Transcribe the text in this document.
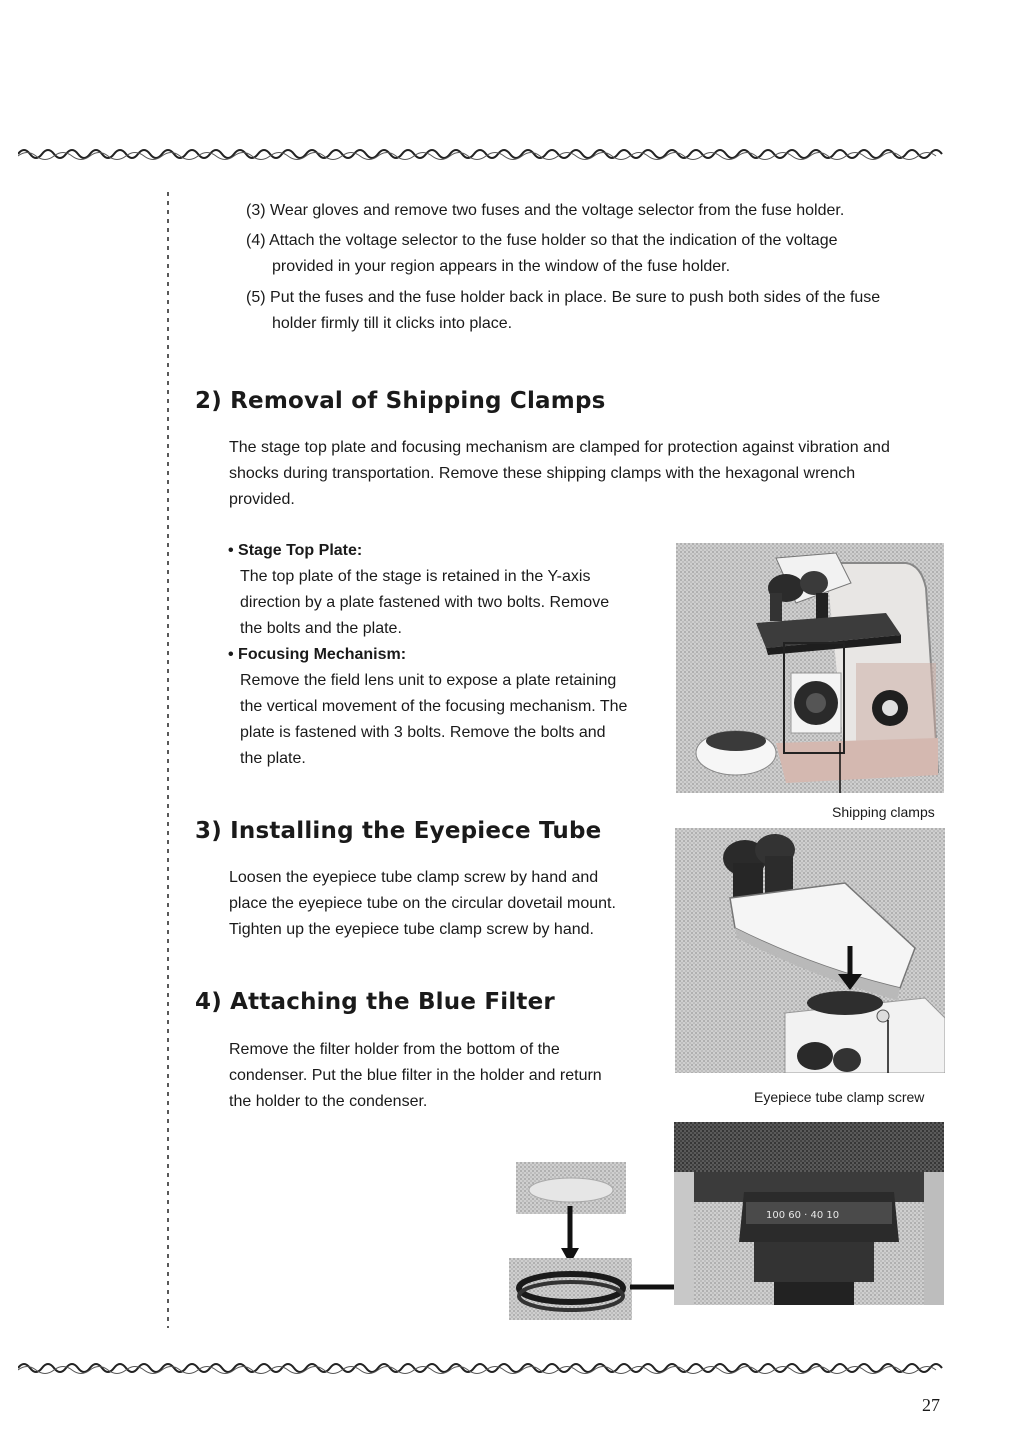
(3) Wear gloves and remove two fuses and the voltage selector from the fuse holder.
(4) Attach the voltage selector to the fuse holder so that the indication of the voltage
provided in your region appears in the window of the fuse holder.
(5) Put the fuses and the fuse holder back in place. Be sure to push both sides of the fuse
holder firmly till it clicks into place.
2) Removal of Shipping Clamps

The stage top plate and focusing mechanism are clamped for protection against vibration and

shocks during transportation. Remove these shipping clamps with the hexagonal wrench

provided.

• Stage Top Plate:
The top plate of the stage is retained in the Y-axis
direction by a plate fastened with two bolts. Remove
the bolts and the plate.
• Focusing Mechanism:
Remove the field lens unit to expose a plate retaining
the vertical movement of the focusing mechanism. The
plate is fastened with 3 bolts. Remove the bolts and
the plate.
Shipping clamps
3) Installing the Eyepiece Tube

Loosen the eyepiece tube clamp screw by hand and

place the eyepiece tube on the circular dovetail mount.

Tighten up the eyepiece tube clamp screw by hand.

Eyepiece tube clamp screw
4) Attaching the Blue Filter

Remove the filter holder from the bottom of the

condenser. Put the blue filter in the holder and return

the holder to the condenser.

100 60 · 40 10
27
